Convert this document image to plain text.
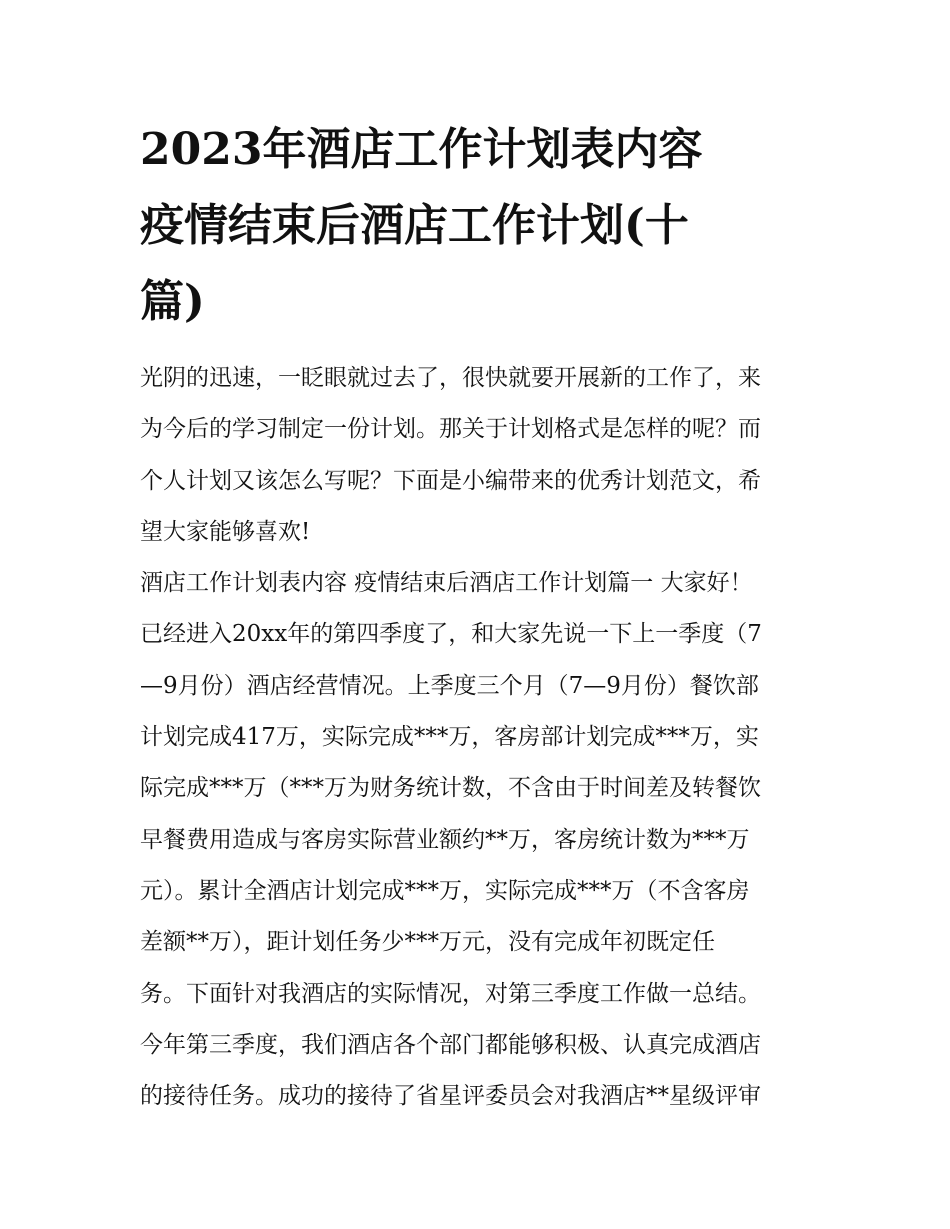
2023年酒店工作计划表内容
疫情结束后酒店工作计划(十
篇)
光阴的迅速，一眨眼就过去了，很快就要开展新的工作了，来
为今后的学习制定一份计划。那关于计划格式是怎样的呢？而
个人计划又该怎么写呢？下面是小编带来的优秀计划范文，希
望大家能够喜欢!
酒店工作计划表内容 疫情结束后酒店工作计划篇一 大家好！
已经进入20xx年的第四季度了，和大家先说一下上一季度（7
—9月份）酒店经营情况。上季度三个月（7—9月份）餐饮部
计划完成417万，实际完成***万，客房部计划完成***万，实
际完成***万（***万为财务统计数，不含由于时间差及转餐饮
早餐费用造成与客房实际营业额约**万，客房统计数为***万
元）。累计全酒店计划完成***万，实际完成***万（不含客房
差额**万），距计划任务少***万元，没有完成年初既定任
务。下面针对我酒店的实际情况，对第三季度工作做一总结。
今年第三季度，我们酒店各个部门都能够积极、认真完成酒店
的接待任务。成功的接待了省星评委员会对我酒店**星级评审
